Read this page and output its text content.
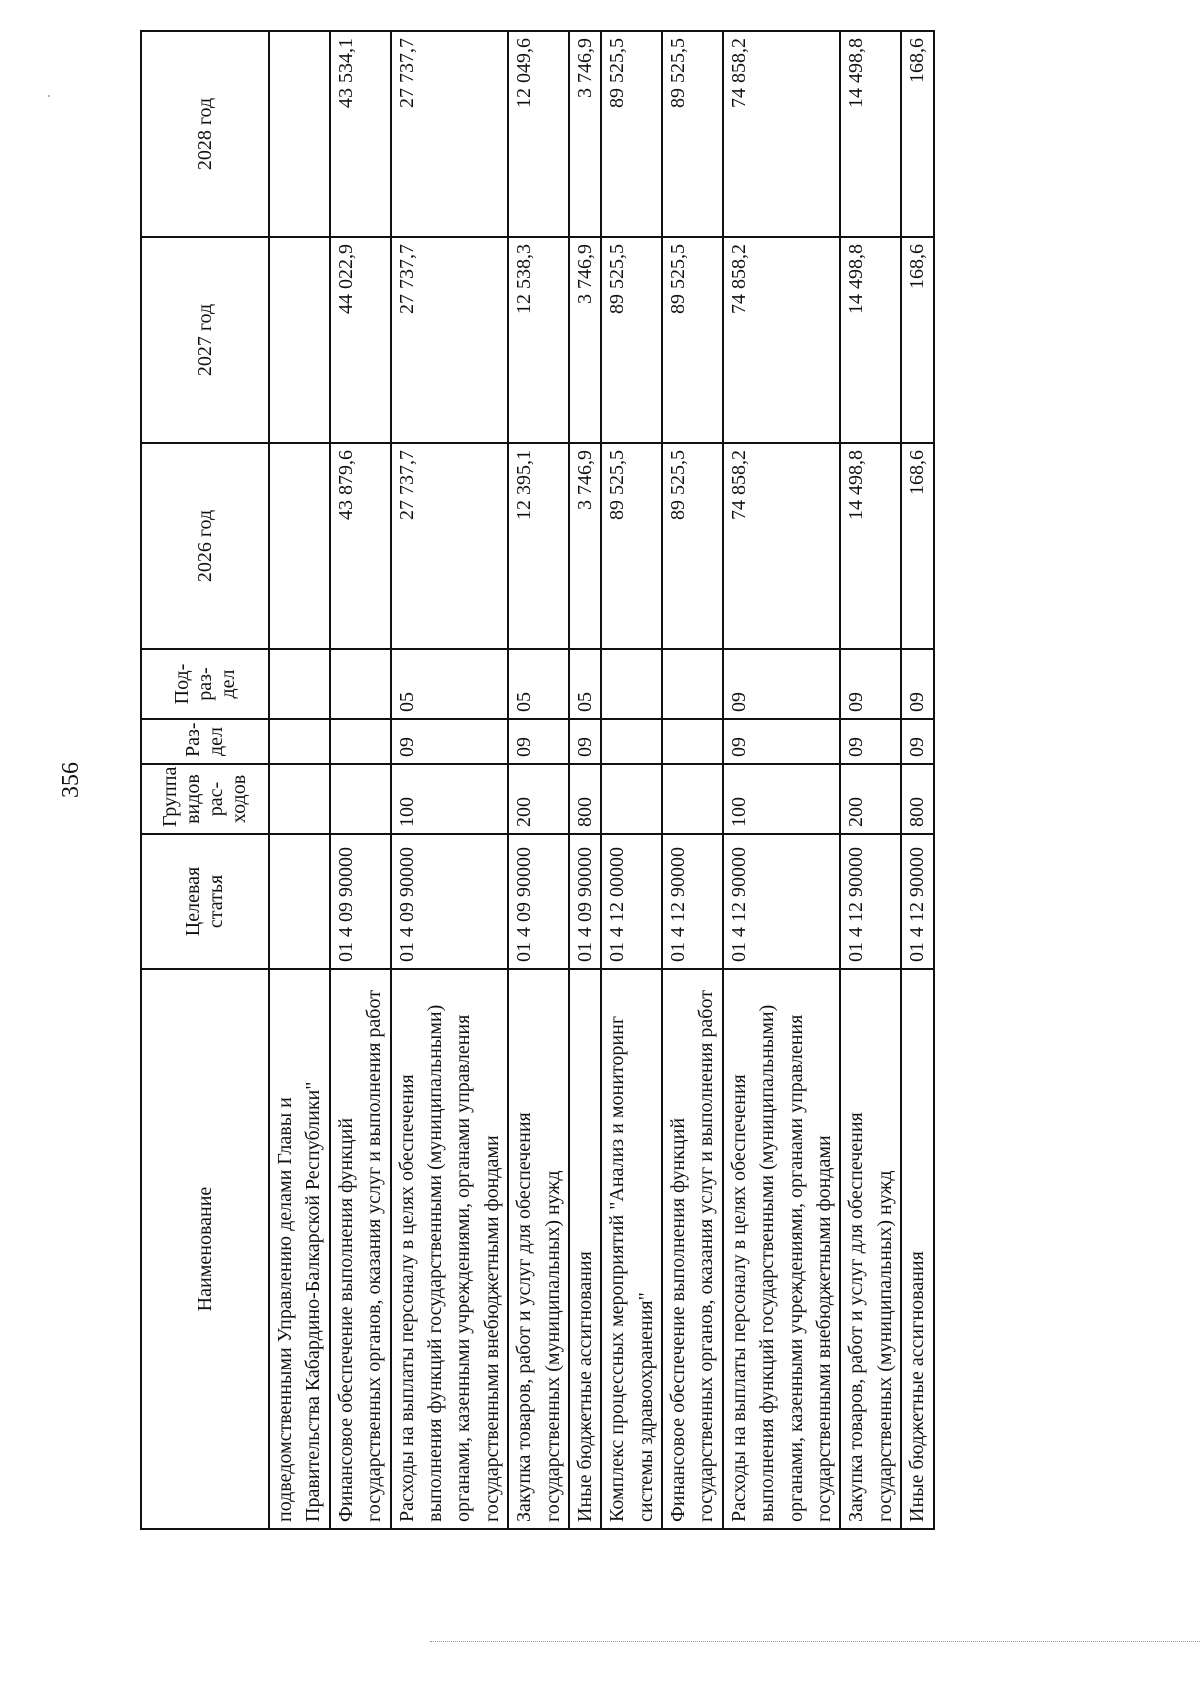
356
Наименование	Целевая статья	Группа видов рас-ходов	Раз-дел	Под-раз-дел	2026 год	2027 год	2028 год
подведомственными Управлению делами Главы и Правительства Кабардино-Балкарской Республики"							
Финансовое обеспечение выполнения функций государственных органов, оказания услуг и выполнения работ	01 4 09 90000				43 879,6	44 022,9	43 534,1
Расходы на выплаты персоналу в целях обеспечения выполнения функций государственными (муниципальными) органами, казенными учреждениями, органами управления государственными внебюджетными фондами	01 4 09 90000	100	09	05	27 737,7	27 737,7	27 737,7
Закупка товаров, работ и услуг для обеспечения государственных (муниципальных) нужд	01 4 09 90000	200	09	05	12 395,1	12 538,3	12 049,6
Иные бюджетные ассигнования	01 4 09 90000	800	09	05	3 746,9	3 746,9	3 746,9
Комплекс процессных мероприятий "Анализ и мониторинг системы здравоохранения"	01 4 12 00000				89 525,5	89 525,5	89 525,5
Финансовое обеспечение выполнения функций государственных органов, оказания услуг и выполнения работ	01 4 12 90000				89 525,5	89 525,5	89 525,5
Расходы на выплаты персоналу в целях обеспечения выполнения функций государственными (муниципальными) органами, казенными учреждениями, органами управления государственными внебюджетными фондами	01 4 12 90000	100	09	09	74 858,2	74 858,2	74 858,2
Закупка товаров, работ и услуг для обеспечения государственных (муниципальных) нужд	01 4 12 90000	200	09	09	14 498,8	14 498,8	14 498,8
Иные бюджетные ассигнования	01 4 12 90000	800	09	09	168,6	168,6	168,6
